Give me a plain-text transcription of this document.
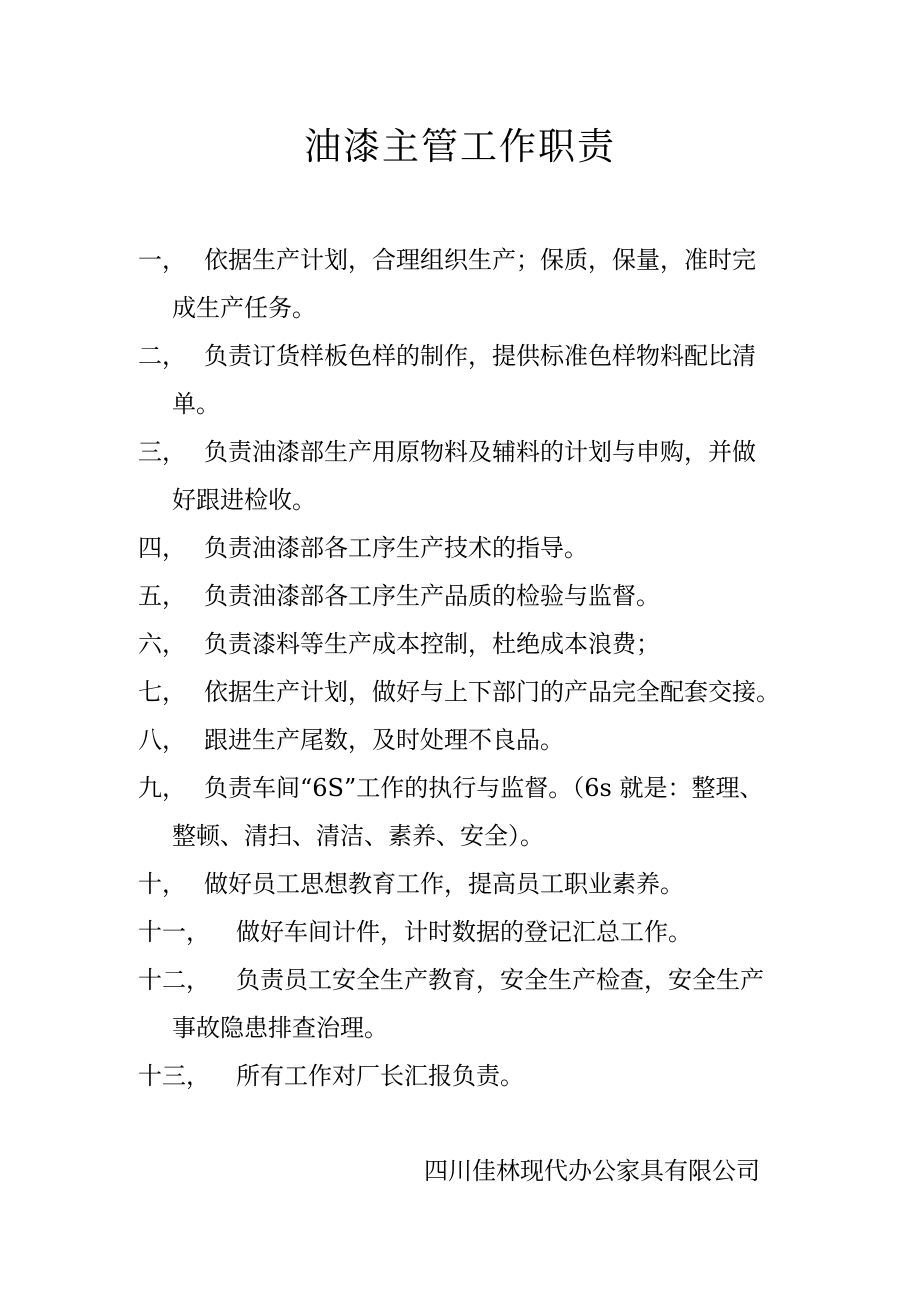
油漆主管工作职责
一， 依据生产计划，合理组织生产；保质，保量，准时完
成生产任务。
二， 负责订货样板色样的制作，提供标准色样物料配比清
单。
三， 负责油漆部生产用原物料及辅料的计划与申购，并做
好跟进检收。
四， 负责油漆部各工序生产技术的指导。
五， 负责油漆部各工序生产品质的检验与监督。
六， 负责漆料等生产成本控制，杜绝成本浪费；
七， 依据生产计划，做好与上下部门的产品完全配套交接。
八， 跟进生产尾数，及时处理不良品。
九， 负责车间“6S”工作的执行与监督。（6s 就是：整理、
整顿、清扫、清洁、素养、安全）。
十， 做好员工思想教育工作，提高员工职业素养。
十一， 做好车间计件，计时数据的登记汇总工作。
十二， 负责员工安全生产教育，安全生产检查，安全生产
事故隐患排查治理。
十三， 所有工作对厂长汇报负责。
四川佳林现代办公家具有限公司
